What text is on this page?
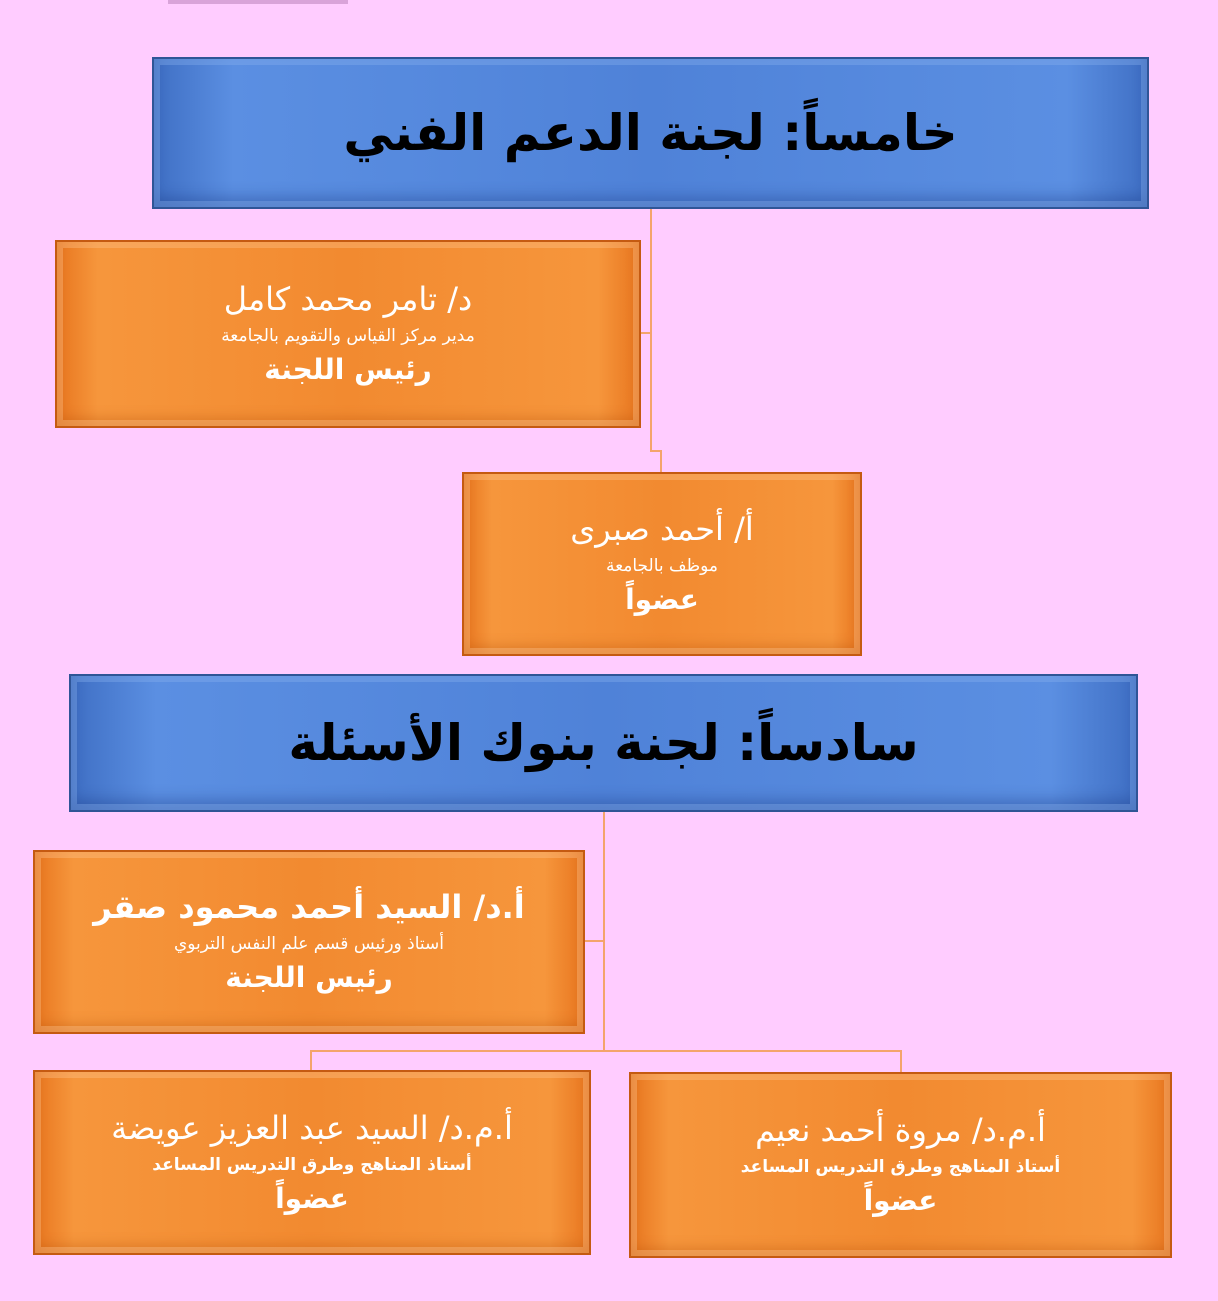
خامساً: لجنة الدعم الفني
د/ تامر محمد كامل
مدير مركز القياس والتقويم بالجامعة
رئيس اللجنة
أ/ أحمد صبرى
موظف بالجامعة
عضواً
سادساً: لجنة بنوك الأسئلة
أ.د/ السيد أحمد محمود صقر
أستاذ ورئيس قسم علم النفس التربوي
رئيس اللجنة
أ.م.د/ السيد عبد العزيز عويضة
أستاذ المناهج وطرق التدريس المساعد
عضواً
أ.م.د/ مروة أحمد نعيم
أستاذ المناهج وطرق التدريس المساعد
عضواً
